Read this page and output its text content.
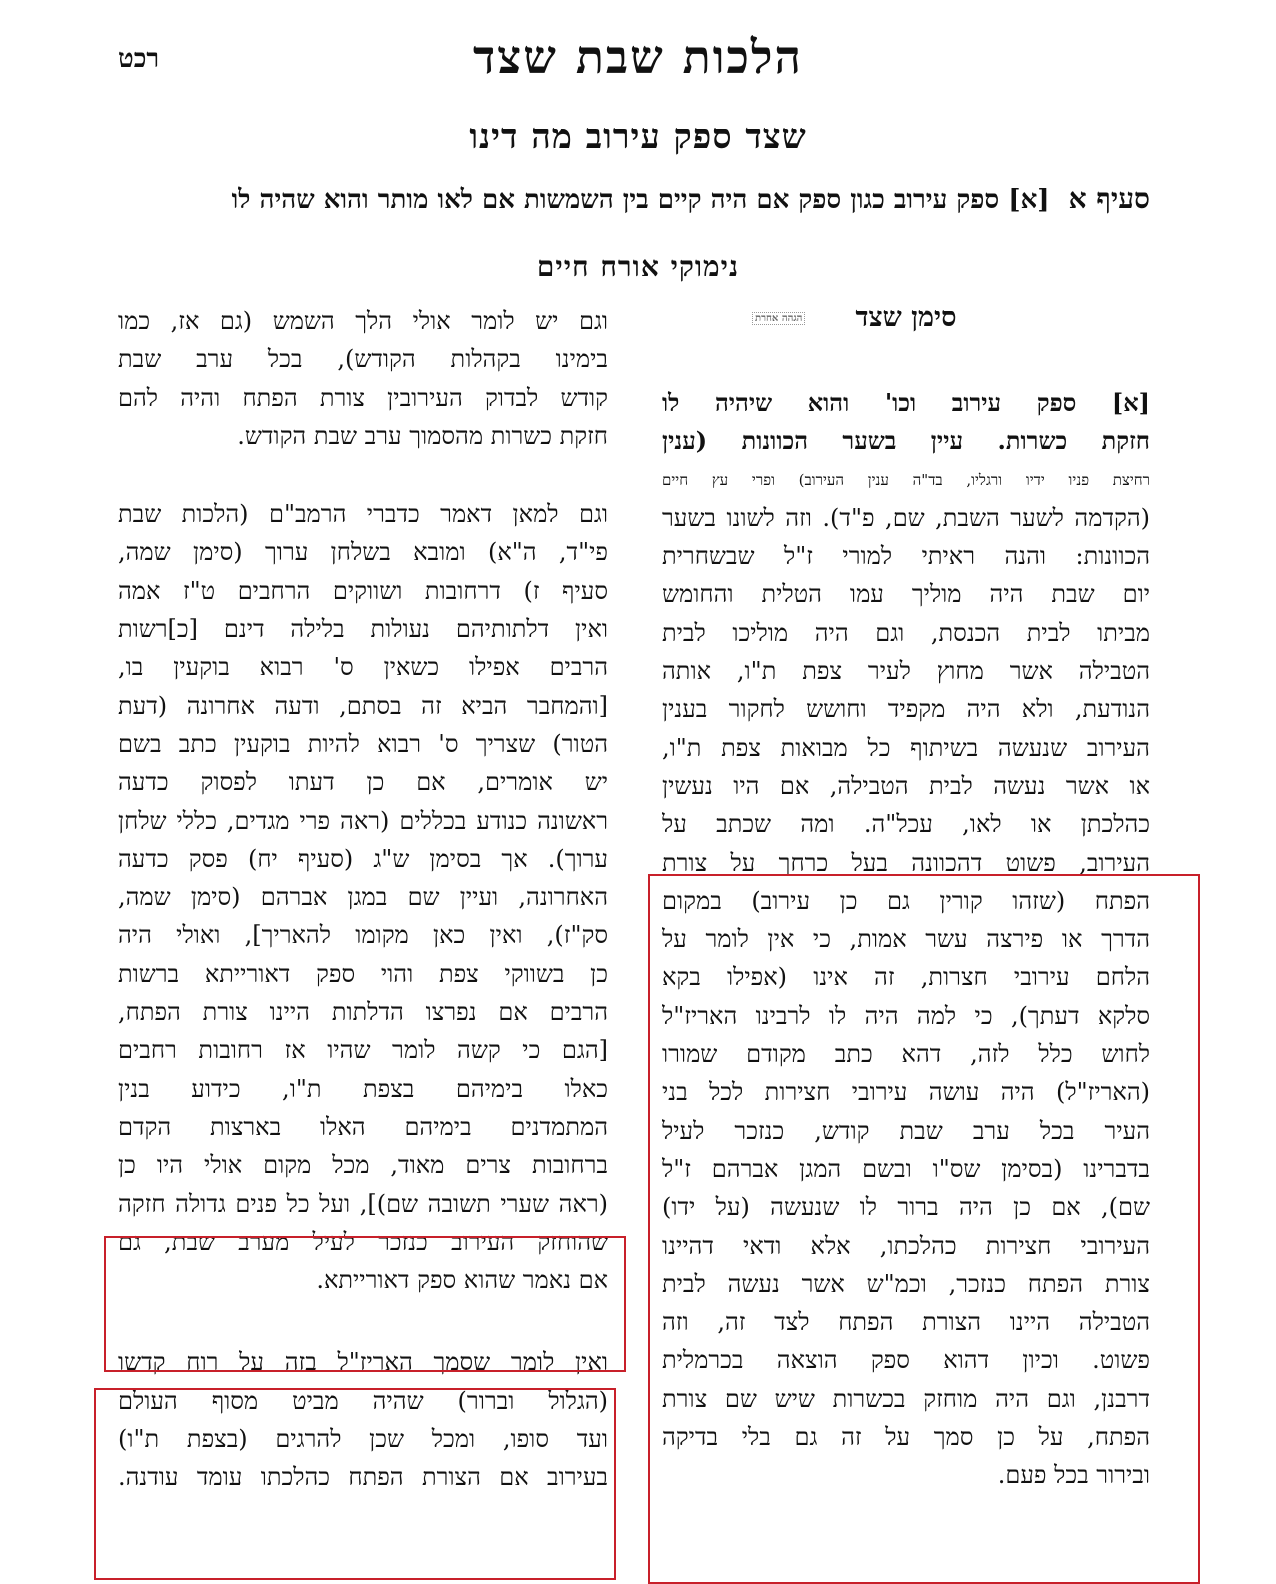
רכט	הלכות שבת שצד
שצד ספק עירוב מה דינו
סעיף א [א] ספק עירוב כגון ספק אם היה קיים בין השמשות אם לאו מותר והוא שהיה לו
נימוקי אורח חיים
סימן שצד
הגהה אחרת
[א] ספק עירוב וכו' והוא שיהיה לו
חזקת כשרות. עיין בשער הכוונות (ענין
רחיצת פניו ידיו ורגליו, בד"ה ענין העירוב) ופרי עץ חיים
(הקדמה לשער השבת, שם, פ"ד). וזה לשונו בשער
הכוונות: והנה ראיתי למורי ז"ל שבשחרית
יום שבת היה מוליך עמו הטלית והחומש
מביתו לבית הכנסת, וגם היה מוליכו לבית
הטבילה אשר מחוץ לעיר צפת ת"ו, אותה
הנודעת, ולא היה מקפיד וחושש לחקור בענין
העירוב שנעשה בשיתוף כל מבואות צפת ת"ו,
או אשר נעשה לבית הטבילה, אם היו נעשין
כהלכתן או לאו, עכל"ה. ומה שכתב על
העירוב, פשוט דהכוונה בעל כרחך על צורת
הפתח (שזהו קורין גם כן עירוב) במקום
הדרך או פירצה עשר אמות, כי אין לומר על
הלחם עירובי חצרות, זה אינו (אפילו בקא
סלקא דעתך), כי למה היה לו לרבינו האריז"ל
לחוש כלל לזה, דהא כתב מקודם שמורו
(האריז"ל) היה עושה עירובי חצירות לכל בני
העיר בכל ערב שבת קודש, כנזכר לעיל
בדברינו (בסימן שס"ו ובשם המגן אברהם ז"ל
שם), אם כן היה ברור לו שנעשה (על ידו)
העירובי חצירות כהלכתו, אלא ודאי דהיינו
צורת הפתח כנזכר, וכמ"ש אשר נעשה לבית
הטבילה היינו הצורת הפתח לצד זה, וזה
פשוט. וכיון דהוא ספק הוצאה בכרמלית
דרבנן, וגם היה מוחזק בכשרות שיש שם צורת
הפתח, על כן סמך על זה גם בלי בדיקה
ובירור בכל פעם.
וגם יש לומר אולי הלך השמש (גם אז, כמו
בימינו בקהלות הקודש), בכל ערב שבת
קודש לבדוק העירובין צורת הפתח והיה להם
חזקת כשרות מהסמוך ערב שבת הקודש.
וגם למאן דאמר כדברי הרמב"ם (הלכות שבת
פי"ד, ה"א) ומובא בשלחן ערוך (סימן שמה,
סעיף ז) דרחובות ושווקים הרחבים ט"ז אמה
ואין דלתותיהם נעולות בלילה דינם [כ]רשות
הרבים אפילו כשאין ס' רבוא בוקעין בו,
[והמחבר הביא זה בסתם, ודעה אחרונה (דעת
הטור) שצריך ס' רבוא להיות בוקעין כתב בשם
יש אומרים, אם כן דעתו לפסוק כדעה
ראשונה כנודע בכללים (ראה פרי מגדים, כללי שלחן
ערוך). אך בסימן ש"ג (סעיף יח) פסק כדעה
האחרונה, ועיין שם במגן אברהם (סימן שמה,
סק"ז), ואין כאן מקומו להאריך], ואולי היה
כן בשווקי צפת והוי ספק דאורייתא ברשות
הרבים אם נפרצו הדלתות היינו צורת הפתח,
[הגם כי קשה לומר שהיו אז רחובות רחבים
כאלו בימיהם בצפת ת"ו, כידוע בנין
המתמדנים בימיהם האלו בארצות הקדם
ברחובות צרים מאוד, מכל מקום אולי היו כן
(ראה שערי תשובה שם)], ועל כל פנים גדולה חזקה
שהוחזק העירוב כנזכר לעיל מערב שבת, גם
אם נאמר שהוא ספק דאורייתא.
ואין לומר שסמך האריז"ל בזה על רוח קדשו
(הגלול וברור) שהיה מביט מסוף העולם
ועד סופו, ומכל שכן להרגים (בצפת ת"ו)
בעירוב אם הצורת הפתח כהלכתו עומד עודנה.
